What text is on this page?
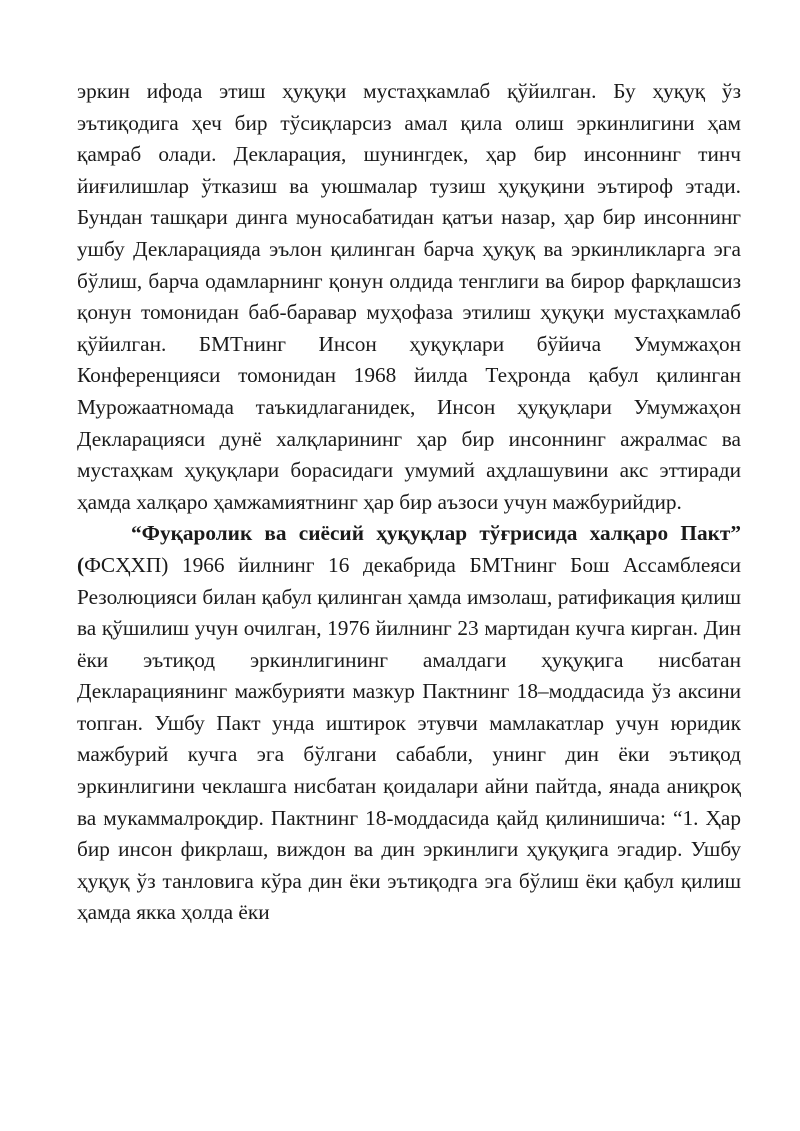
эркин ифода этиш ҳуқуқи мустаҳкамлаб қўйилган. Бу ҳуқуқ ўз эътиқодига ҳеч бир тўсиқларсиз амал қила олиш эркинлигини ҳам қамраб олади. Декларация, шунингдек, ҳар бир инсоннинг тинч йиғилишлар ўтказиш ва уюшмалар тузиш ҳуқуқини эътироф этади. Бундан ташқари динга муносабатидан қатъи назар, ҳар бир инсоннинг ушбу Декларацияда эълон қилинган барча ҳуқуқ ва эркинликларга эга бўлиш, барча одамларнинг қонун олдида тенглиги ва бирор фарқлашсиз қонун томонидан баб-баравар муҳофаза этилиш ҳуқуқи мустаҳкамлаб қўйилган. БМТнинг Инсон ҳуқуқлари бўйича Умумжаҳон Конференцияси томонидан 1968 йилда Теҳронда қабул қилинган Мурожаатномада таъкидлаганидек, Инсон ҳуқуқлари Умумжаҳон Декларацияси дунё халқларининг ҳар бир инсоннинг ажралмас ва мустаҳкам ҳуқуқлари борасидаги умумий аҳдлашувини акс эттиради ҳамда халқаро ҳамжамиятнинг ҳар бир аъзоси учун мажбурийдир.

“Фуқаролик ва сиёсий ҳуқуқлар тўғрисида халқаро Пакт” (ФСҲХП) 1966 йилнинг 16 декабрида БМТнинг Бош Ассамблеяси Резолюцияси билан қабул қилинган ҳамда имзолаш, ратификация қилиш ва қўшилиш учун очилган, 1976 йилнинг 23 мартидан кучга кирган. Дин ёки эътиқод эркинлигининг амалдаги ҳуқуқига нисбатан Декларациянинг мажбурияти мазкур Пактнинг 18–моддасида ўз аксини топган. Ушбу Пакт унда иштирок этувчи мамлакатлар учун юридик мажбурий кучга эга бўлгани сабабли, унинг дин ёки эътиқод эркинлигини чеклашга нисбатан қоидалари айни пайтда, янада аниқроқ ва мукаммалроқдир. Пактнинг 18-моддасида қайд қилинишича: “1. Ҳар бир инсон фикрлаш, виждон ва дин эркинлиги ҳуқуқига эгадир. Ушбу ҳуқуқ ўз танловига кўра дин ёки эътиқодга эга бўлиш ёки қабул қилиш ҳамда якка ҳолда ёки
